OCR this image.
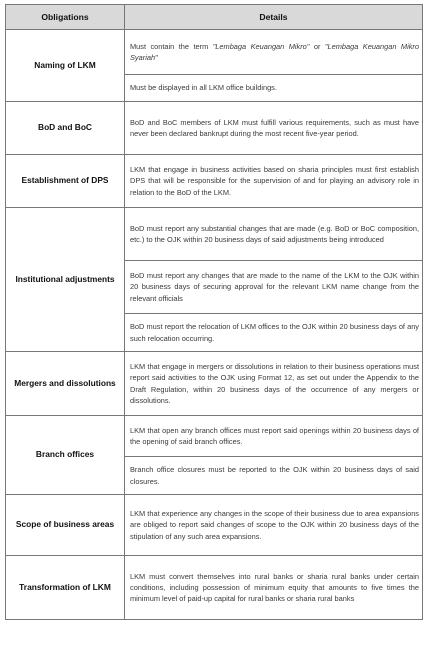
Obligations	Details
Naming of LKM	Must contain the term "Lembaga Keuangan Mikro" or "Lembaga Keuangan Mikro Syariah"
	Must be displayed in all LKM office buildings.
BoD and BoC	BoD and BoC members of LKM must fulfill various requirements, such as must have never been declared bankrupt during the most recent five-year period.
Establishment of DPS	LKM that engage in business activities based on sharia principles must first establish DPS that will be responsible for the supervision of and for playing an advisory role in relation to the BoD of the LKM.
Institutional adjustments	BoD must report any substantial changes that are made (e.g. BoD or BoC composition, etc.) to the OJK within 20 business days of said adjustments being introduced
	BoD must report any changes that are made to the name of the LKM to the OJK within 20 business days of securing approval for the relevant LKM name change from the relevant officials
	BoD must report the relocation of LKM offices to the OJK within 20 business days of any such relocation occurring.
Mergers and dissolutions	LKM that engage in mergers or dissolutions in relation to their business operations must report said activities to the OJK using Format 12, as set out under the Appendix to the Draft Regulation, within 20 business days of the occurrence of any mergers or dissolutions.
Branch offices	LKM that open any branch offices must report said openings within 20 business days of the opening of said branch offices.
	Branch office closures must be reported to the OJK within 20 business days of said closures.
Scope of business areas	LKM that experience any changes in the scope of their business due to area expansions are obliged to report said changes of scope to the OJK within 20 business days of the stipulation of any such area expansions.
Transformation of LKM	LKM must convert themselves into rural banks or sharia rural banks under certain conditions, including possession of minimum equity that amounts to five times the minimum level of paid-up capital for rural banks or sharia rural banks
